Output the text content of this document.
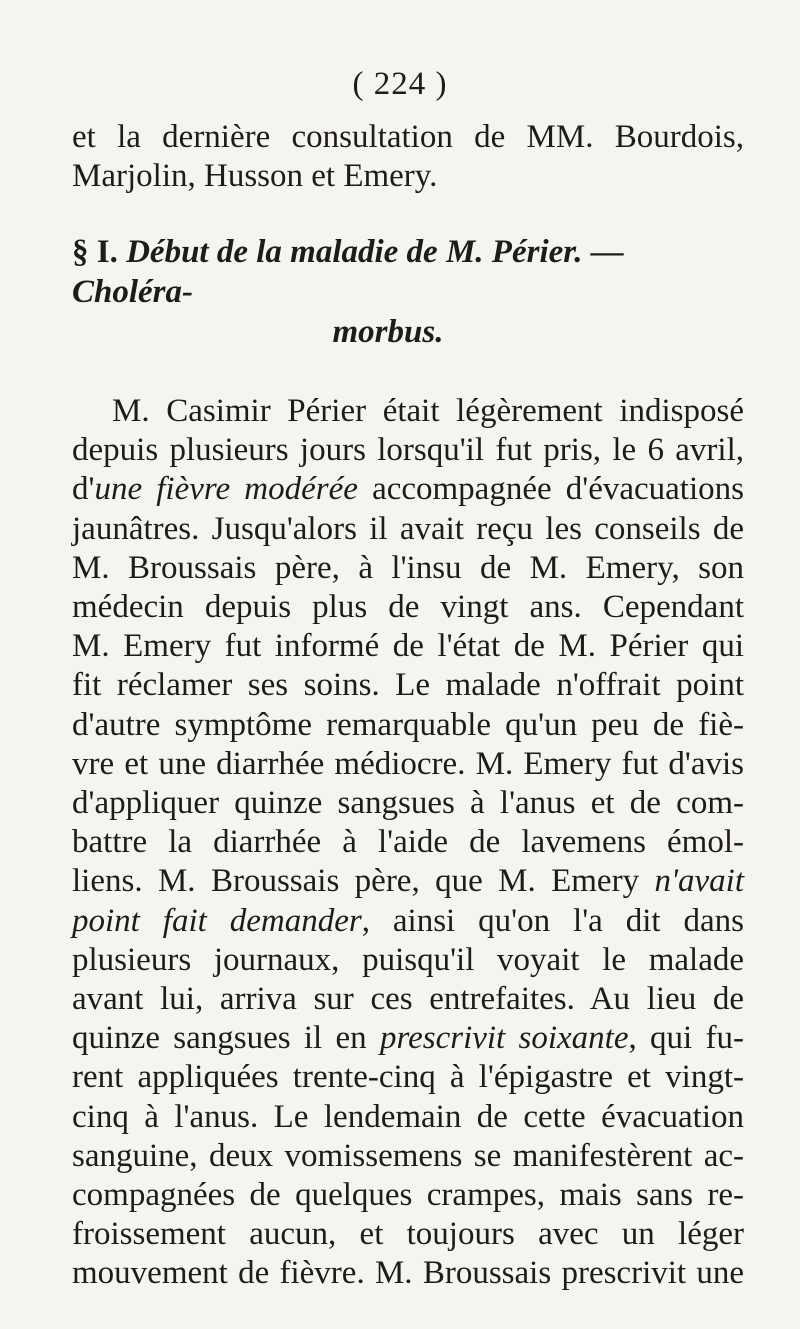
( 224 )

et la dernière consultation de MM. Bourdois,
Marjolin, Husson et Emery.

§ I. Début de la maladie de M. Périer. — Choléra-
morbus.
M. Casimir Périer était légèrement indisposé
depuis plusieurs jours lorsqu'il fut pris, le 6 avril,
d'une fièvre modérée accompagnée d'évacuations
jaunâtres. Jusqu'alors il avait reçu les conseils de
M. Broussais père, à l'insu de M. Emery, son
médecin depuis plus de vingt ans. Cependant
M. Emery fut informé de l'état de M. Périer qui
fit réclamer ses soins. Le malade n'offrait point
d'autre symptôme remarquable qu'un peu de fiè-
vre et une diarrhée médiocre. M. Emery fut d'avis
d'appliquer quinze sangsues à l'anus et de com-
battre la diarrhée à l'aide de lavemens émol-
liens. M. Broussais père, que M. Emery n'avait
point fait demander, ainsi qu'on l'a dit dans
plusieurs journaux, puisqu'il voyait le malade
avant lui, arriva sur ces entrefaites. Au lieu de
quinze sangsues il en prescrivit soixante, qui fu-
rent appliquées trente-cinq à l'épigastre et vingt-
cinq à l'anus. Le lendemain de cette évacuation
sanguine, deux vomissemens se manifestèrent ac-
compagnées de quelques crampes, mais sans re-
froissement aucun, et toujours avec un léger
mouvement de fièvre. M. Broussais prescrivit une
